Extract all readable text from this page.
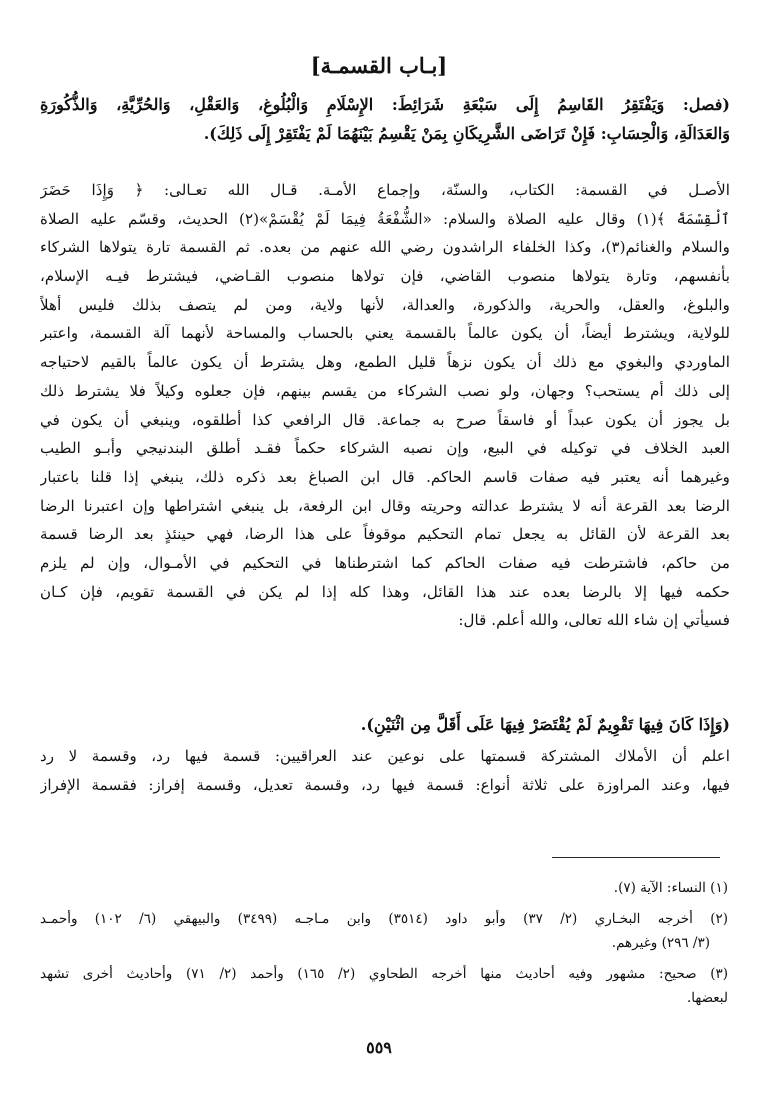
[بـاب القسمـة]
(فصل: وَيَفْتَقِرُ القَاسِمُ إِلَى سَبْعَةِ شَرَائِطَ: الإِسْلَامِ وَالْبُلُوغِ، وَالعَقْلِ، وَالحُرِّيَّةِ، وَالذُّكُورَةِ
وَالعَدَالَةِ، وَالْحِسَابِ: فَإِنْ تَرَاضَى الشَّرِيكَانِ بِمَنْ يَقْسِمُ بَيْنَهُمَا لَمْ يَفْتَقِرْ إِلَى ذَلِكَ).
الأصـل في القسمة: الكتاب، والسنّة، وإجماع الأمـة. قـال الله تعـالى: ﴿ وَإِذَا حَضَرَ
ٱلْقِسْمَةَ ﴾(١) وقال عليه الصلاة والسلام: «الشُّفْعَةُ فِيمَا لَمْ يُقْسَمْ»(٢) الحديث، وقسّم عليه الصلاة
والسلام والغنائم(٣)، وكذا الخلفاء الراشدون رضي الله عنهم من بعده. ثم القسمة تارة يتولاها الشركاء
بأنفسهم، وتارة يتولاها منصوب القاضي، فإن تولاها منصوب القـاضي، فيشترط فيـه الإسلام،
والبلوغ، والعقل، والحرية، والذكورة، والعدالة، لأنها ولاية، ومن لم يتصف بذلك فليس أهلاً
للولاية، ويشترط أيضاً، أن يكون عالماً بالقسمة يعني بالحساب والمساحة لأنهما آلة القسمة، واعتبر
الماوردي والبغوي مع ذلك أن يكون نزهاً قليل الطمع، وهل يشترط أن يكون عالماً بالقيم لاحتياجه
إلى ذلك أم يستحب؟ وجهان، ولو نصب الشركاء من يقسم بينهم، فإن جعلوه وكيلاً فلا يشترط ذلك
بل يجوز أن يكون عبداً أو فاسقاً صرح به جماعة. قال الرافعي كذا أطلقوه، وينبغي أن يكون في
العبد الخلاف في توكيله في البيع، وإن نصبه الشركاء حكماً فقـد أطلق البندنيجي وأبـو الطيب
وغيرهما أنه يعتبر فيه صفات قاسم الحاكم. قال ابن الصباغ بعد ذكره ذلك، ينبغي إذا قلنا باعتبار
الرضا بعد القرعة أنه لا يشترط عدالته وحريته وقال ابن الرفعة، بل ينبغي اشتراطها وإن اعتبرنا الرضا
بعد القرعة لأن القائل به يجعل تمام التحكيم موقوفاً على هذا الرضا، فهي حينئذٍ بعد الرضا قسمة
من حاكم، فاشترطت فيه صفات الحاكم كما اشترطناها في التحكيم في الأمـوال، وإن لم يلزم
حكمه فيها إلا بالرضا بعده عند هذا القائل، وهذا كله إذا لم يكن في القسمة تقويم، فإن كـان
فسيأتي إن شاء الله تعالى، والله أعلم. قال:
(وَإِذَا كَانَ فِيهَا تَقْوِيمٌ لَمْ يُقْتَصَرْ فِيهَا عَلَى أَقَلَّ مِن اثْنَيْنِ).
اعلم أن الأملاك المشتركة قسمتها على نوعين عند العراقيين: قسمة فيها رد، وقسمة لا رد
فيها، وعند المراوزة على ثلاثة أنواع: قسمة فيها رد، وقسمة تعديل، وقسمة إفراز: فقسمة الإفراز
(١) النساء: الآية (٧).
(٢) أخرجه البخـاري (٢/ ٣٧) وأبو داود (٣٥١٤) وابن مـاجـه (٣٤٩٩) والبيهقي (٦/ ١٠٢) وأحمـد
(٣/ ٢٩٦) وغيرهم.
(٣) صحيح: مشهور وفيه أحاديث منها أخرجه الطحاوي (٢/ ١٦٥) وأحمد (٢/ ٧١) وأحاديث أخرى تشهد
لبعضها.
٥٥٩
